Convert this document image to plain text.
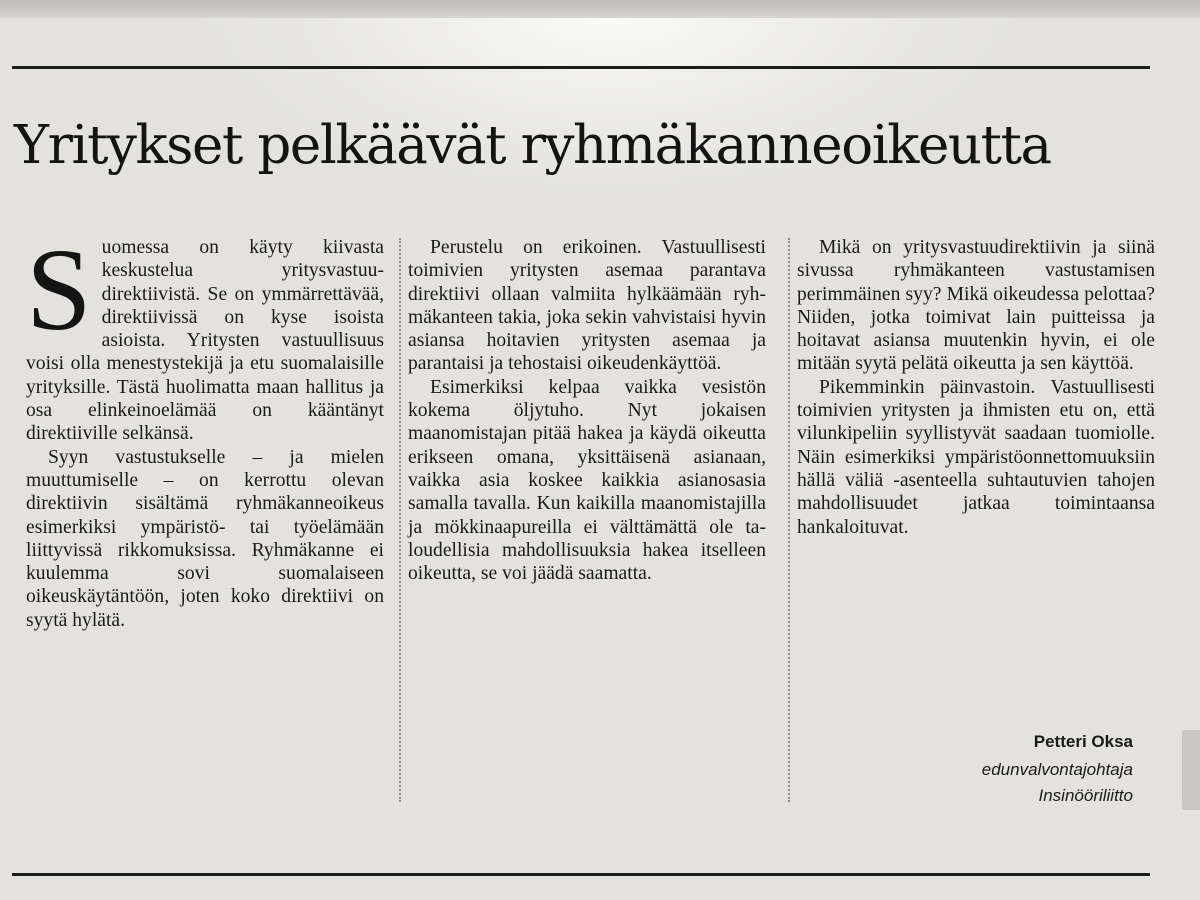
Yritykset pelkäävät ryhmäkanneoikeutta

Suomessa on käyty kiivasta keskustelua yritysvastuudirektiivistä. Se on ymmärrettävää, direktiivissä on kyse isoista asioista. Yritysten vastuullisuus voisi olla menestystekijä ja etu suomalaisille yrityksille. Tästä huolimatta maan hallitus ja osa elinkeinoelämää on kääntänyt direktiiville selkänsä.

Syyn vastustukselle – ja mielen muuttumiselle – on kerrottu olevan direktiivin sisältämä ryhmäkanneoikeus esimerkiksi ympäristö- tai työelämään liittyvissä rikkomuksissa. Ryhmäkanne ei kuulemma sovi suomalaiseen oikeuskäytäntöön, joten koko direktiivi on syytä hylätä.

Perustelu on erikoinen. Vastuullisesti toimivien yritysten asemaa parantava direktiivi ollaan valmiita hylkäämään ryhmäkanteen takia, joka sekin vahvistaisi hyvin asiansa hoitavien yritysten asemaa ja parantaisi ja tehostaisi oikeudenkäyttöä.

Esimerkiksi kelpaa vaikka vesistön kokema öljytuho. Nyt jokaisen maanomistajan pitää hakea ja käydä oikeutta erikseen omana, yksittäisenä asianaan, vaikka asia koskee kaikkia asianosasia samalla tavalla. Kun kaikilla maanomistajilla ja mökkinaapureilla ei välttämättä ole taloudellisia mahdollisuuksia hakea itselleen oikeutta, se voi jäädä saamatta.

Mikä on yritysvastuudirektiivin ja siinä sivussa ryhmäkanteen vastustamisen perimmäinen syy? Mikä oikeudessa pelottaa? Niiden, jotka toimivat lain puitteissa ja hoitavat asiansa muutenkin hyvin, ei ole mitään syytä pelätä oikeutta ja sen käyttöä.

Pikemminkin päinvastoin. Vastuullisesti toimivien yritysten ja ihmisten etu on, että vilunkipeliin syyllistyvät saadaan tuomiolle. Näin esimerkiksi ympäristöonnettomuuksiin hällä väliä -asenteella suhtautuvien tahojen mahdollisuudet jatkaa toimintaansa hankaloituvat.

Petteri Oksa
edunvalvontajohtaja
Insinööriliitto
